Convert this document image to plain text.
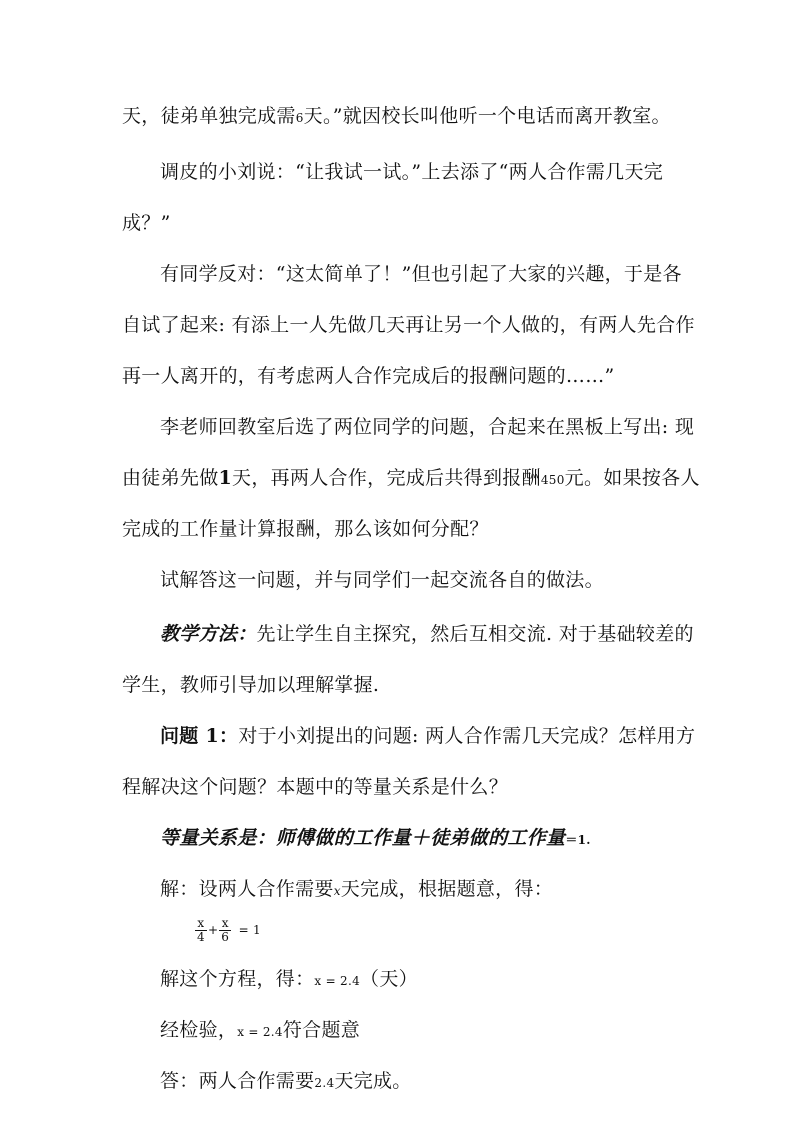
天，徒弟单独完成需6天。”就因校长叫他听一个电话而离开教室。
调皮的小刘说：“让我试一试。”上去添了“两人合作需几天完
成？”
有同学反对：“这太简单了！”但也引起了大家的兴趣，于是各
自试了起来: 有添上一人先做几天再让另一个人做的，有两人先合作
再一人离开的，有考虑两人合作完成后的报酬问题的……”
李老师回教室后选了两位同学的问题，合起来在黑板上写出: 现
由徒弟先做1天，再两人合作，完成后共得到报酬450元。如果按各人
完成的工作量计算报酬，那么该如何分配？
试解答这一问题，并与同学们一起交流各自的做法。
教学方法：先让学生自主探究，然后互相交流. 对于基础较差的
学生，教师引导加以理解掌握.
问题 1：对于小刘提出的问题: 两人合作需几天完成？怎样用方
程解决这个问题？本题中的等量关系是什么？
等量关系是：师傅做的工作量＋徒弟做的工作量＝1.
解：设两人合作需要x天完成，根据题意，得：
$\frac{x}{4} + \frac{x}{6} = 1$
解这个方程，得：x = 2.4（天）
经检验，x = 2.4符合题意
答：两人合作需要2.4天完成。
